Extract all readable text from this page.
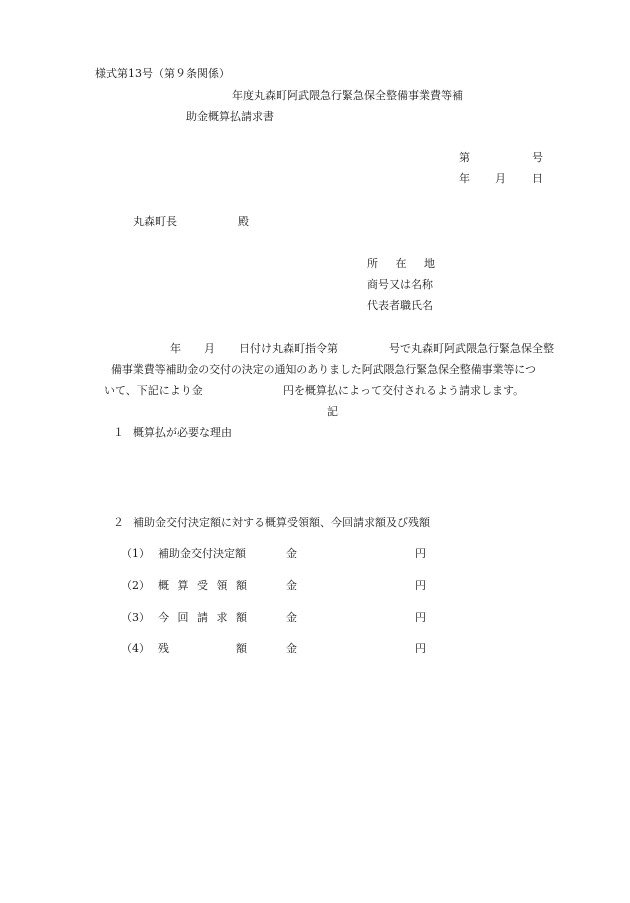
様式第13号（第９条関係）
年度丸森町阿武隈急行緊急保全整備事業費等補
助金概算払請求書
第	号
年 月 日
丸森町長	殿
所 在 地
商号又は名称
代表者職氏名
年 月 日付け丸森町指令第	号で丸森町阿武隈急行緊急保全整
備事業費等補助金の交付の決定の通知のありました阿武隈急行緊急保全整備事業等につ
いて、下記により金	円を概算払によって交付されるよう請求します。
記
１ 概算払が必要な理由
２ 補助金交付決定額に対する概算受領額、今回請求額及び残額
（1） 補助金交付決定額	金	円
（2） 概 算 受 領 額	金	円
（3） 今 回 請 求 額	金	円
（4） 残	額	金	円
